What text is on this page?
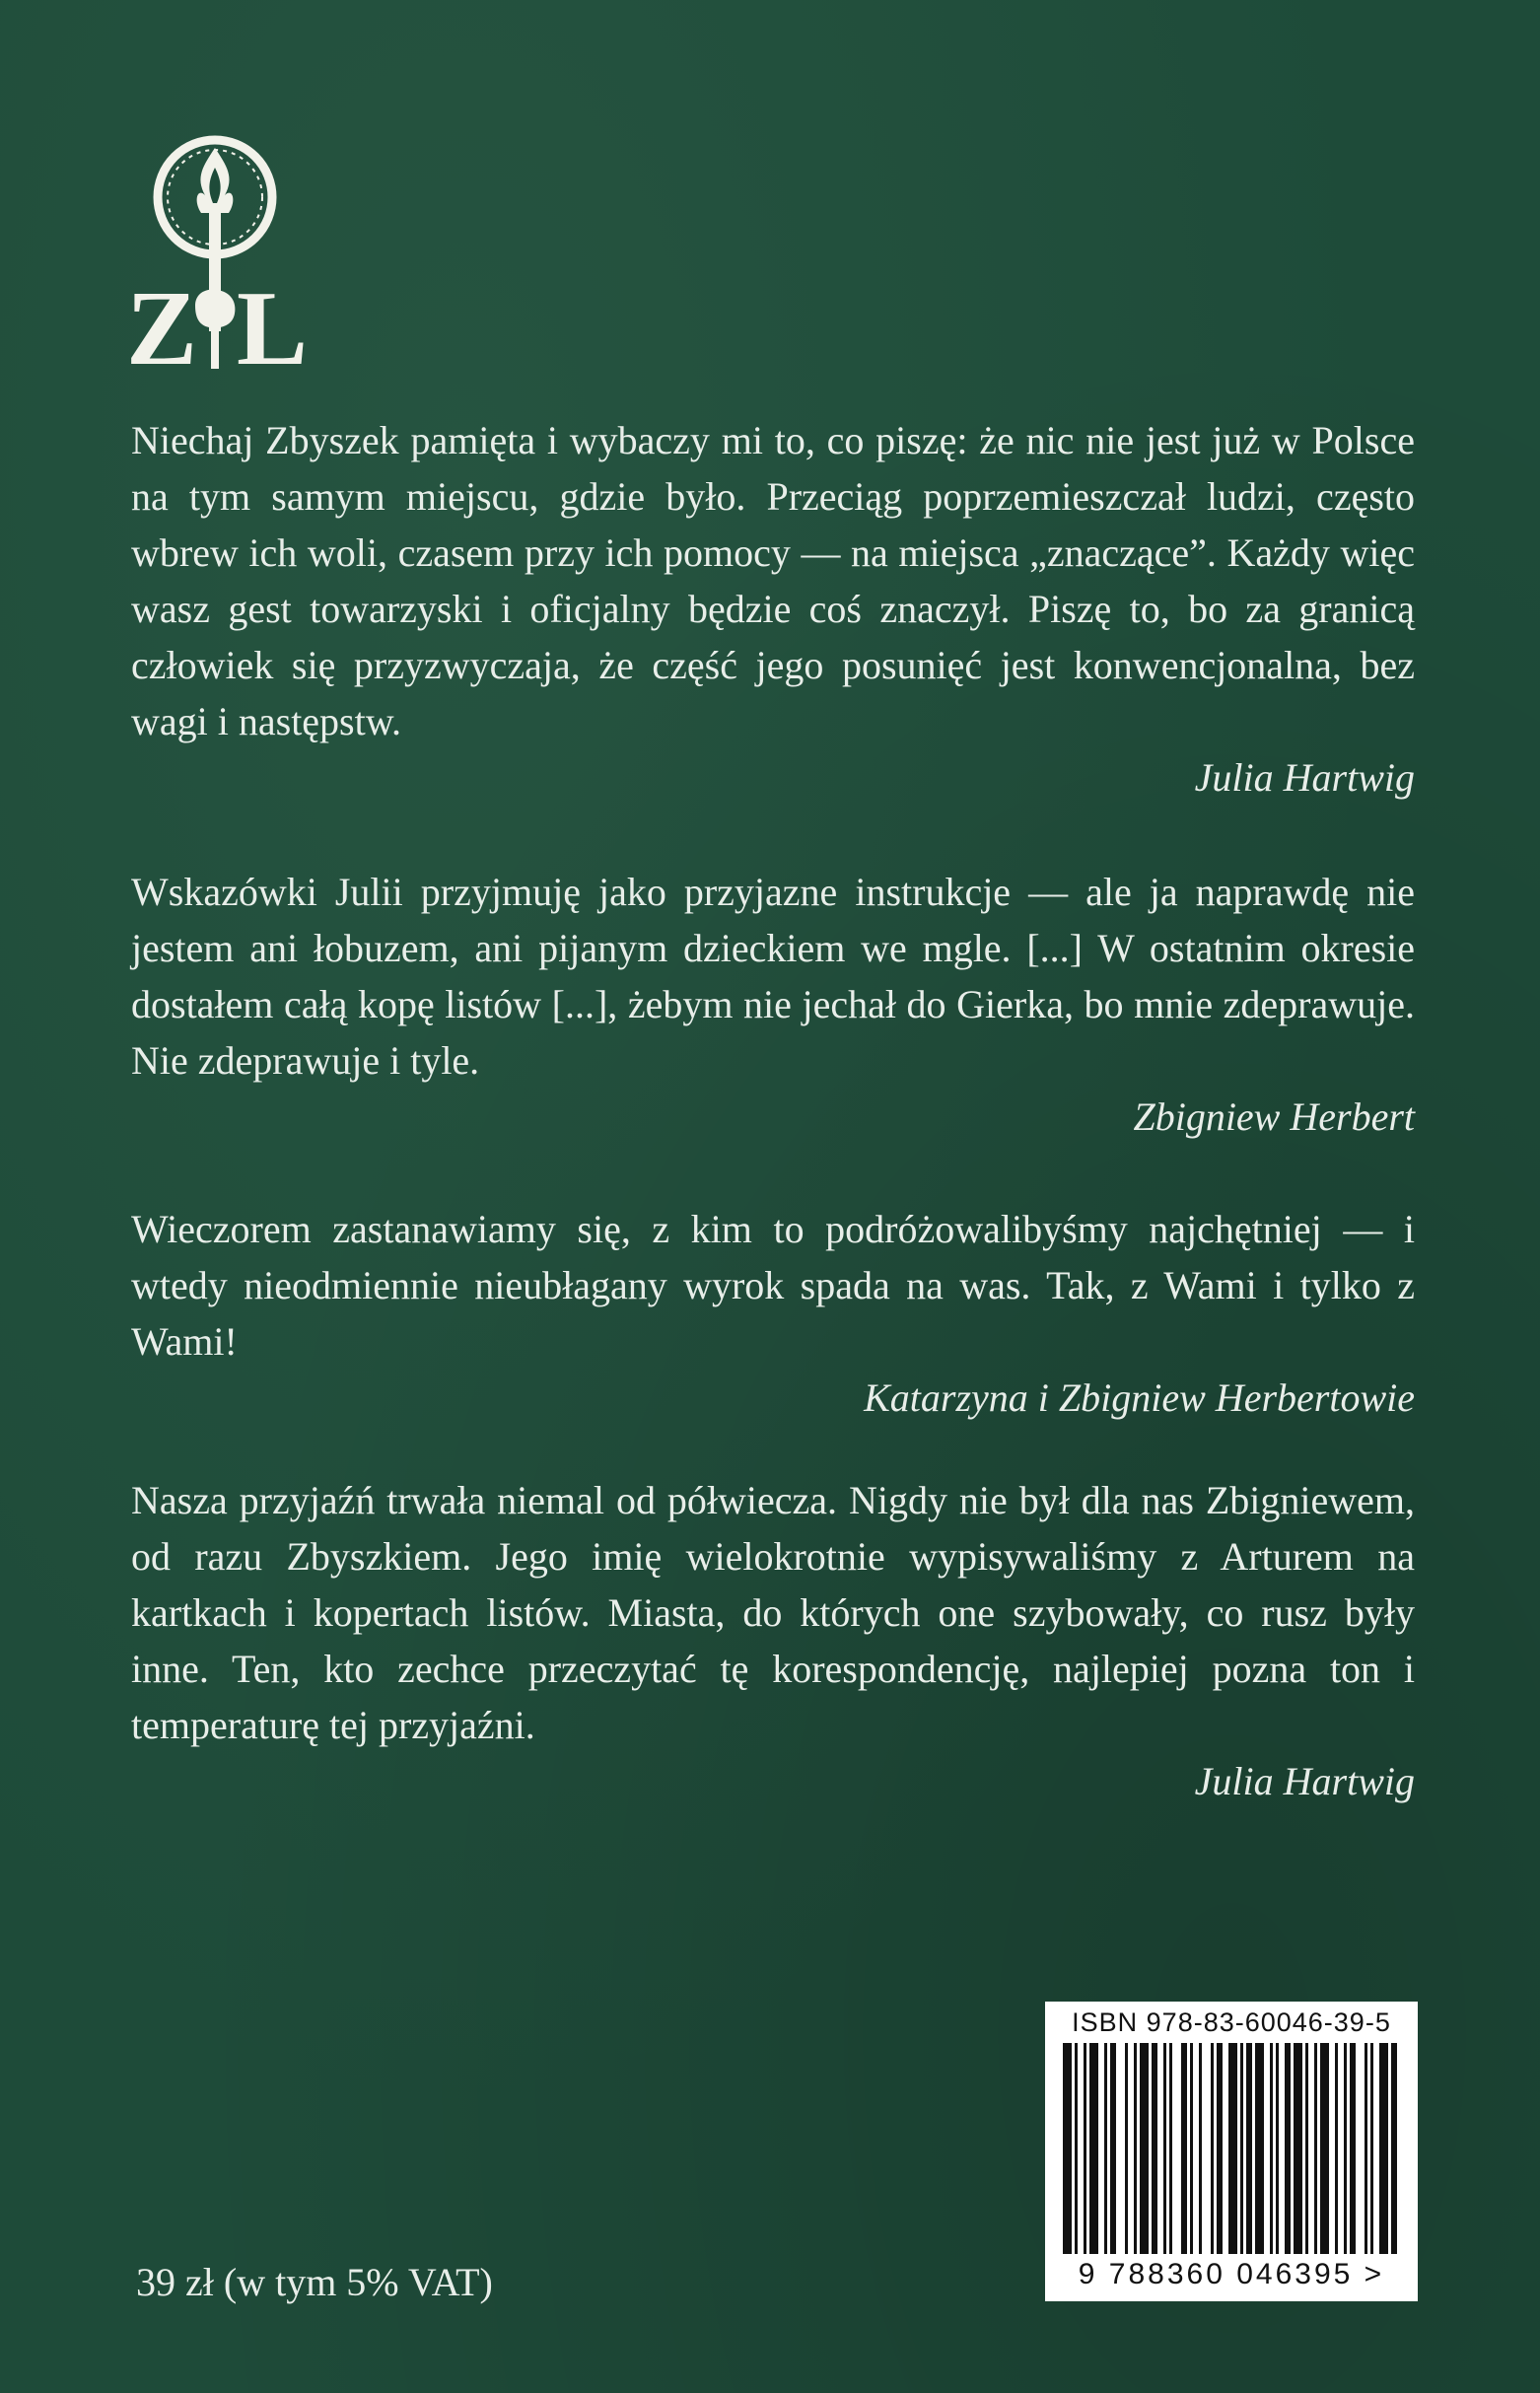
ZL

Niechaj Zbyszek pamięta i wybaczy mi to, co piszę: że nic nie jest już w Polsce na tym samym miejscu, gdzie było. Przeciąg poprzemieszczał ludzi, często wbrew ich woli, czasem przy ich pomocy — na miejsca „znaczące”. Każdy więc wasz gest towarzyski i oficjalny będzie coś znaczył. Piszę to, bo za granicą człowiek się przyzwyczaja, że część jego posunięć jest konwencjonalna, bez wagi i następstw.

Julia Hartwig

Wskazówki Julii przyjmuję jako przyjazne instrukcje — ale ja naprawdę nie jestem ani łobuzem, ani pijanym dzieckiem we mgle. [...] W ostatnim okresie dostałem całą kopę listów [...], żebym nie jechał do Gierka, bo mnie zdeprawuje. Nie zdeprawuje i tyle.

Zbigniew Herbert

Wieczorem zastanawiamy się, z kim to podróżowalibyśmy najchętniej — i wtedy nieodmiennie nieubłagany wyrok spada na was. Tak, z Wami i tylko z Wami!

Katarzyna i Zbigniew Herbertowie

Nasza przyjaźń trwała niemal od półwiecza. Nigdy nie był dla nas Zbigniewem, od razu Zbyszkiem. Jego imię wielokrotnie wypisywaliśmy z Arturem na kartkach i kopertach listów. Miasta, do których one szybowały, co rusz były inne. Ten, kto zechce przeczytać tę korespondencję, najlepiej pozna ton i temperaturę tej przyjaźni.

Julia Hartwig
39 zł (w tym 5% VAT)
ISBN 978-83-60046-39-5
9 788360 046395 >
